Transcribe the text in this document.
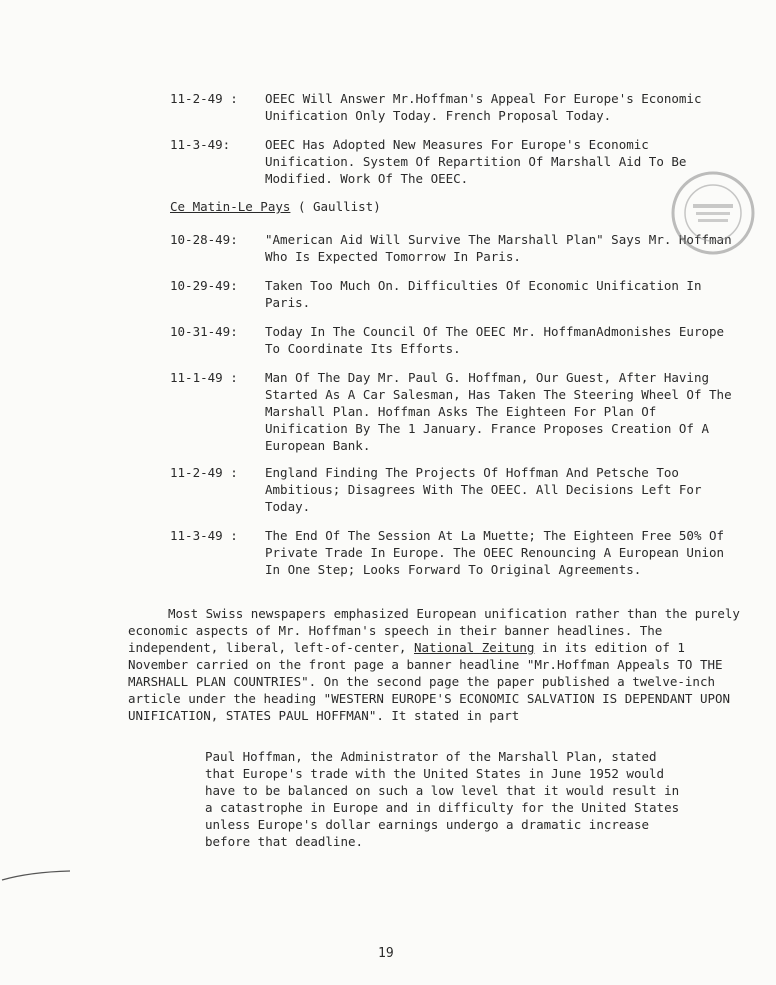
11-2-49 :	OEEC Will Answer Mr.Hoffman's Appeal For Europe's Economic Unification Only Today. French Proposal Today.
11-3-49:	OEEC Has Adopted New Measures For Europe's Economic Unification. System Of Repartition Of Marshall Aid To Be Modified. Work Of The OEEC.
Ce Matin-Le Pays ( Gaullist)
10-28-49:	"American Aid Will Survive The Marshall Plan" Says Mr. Hoffman Who Is Expected Tomorrow In Paris.
10-29-49:	Taken Too Much On. Difficulties Of Economic Unification In Paris.
10-31-49:	Today In The Council Of The OEEC Mr. HoffmanAdmonishes Europe To Coordinate Its Efforts.
11-1-49 :	Man Of The Day Mr. Paul G. Hoffman, Our Guest, After Having Started As A Car Salesman, Has Taken The Steering Wheel Of The Marshall Plan. Hoffman Asks The Eighteen For Plan Of Unification By The 1 January. France Proposes Creation Of A European Bank.
11-2-49 :	England Finding The Projects Of Hoffman And Petsche Too Ambitious; Disagrees With The OEEC. All Decisions Left For Today.
11-3-49 :	The End Of The Session At La Muette; The Eighteen Free 50% Of Private Trade In Europe. The OEEC Renouncing A European Union In One Step; Looks Forward To Original Agreements.
Most Swiss newspapers emphasized European unification rather than the purely economic aspects of Mr. Hoffman's speech in their banner headlines. The independent, liberal, left-of-center, National Zeitung in its edition of 1 November carried on the front page a banner headline "Mr.Hoffman Appeals TO THE MARSHALL PLAN COUNTRIES". On the second page the paper published a twelve-inch article under the heading "WESTERN EUROPE'S ECONOMIC SALVATION IS DEPENDANT UPON UNIFICATION, STATES PAUL HOFFMAN". It stated in part
Paul Hoffman, the Administrator of the Marshall Plan, stated that Europe's trade with the United States in June 1952 would have to be balanced on such a low level that it would result in a catastrophe in Europe and in difficulty for the United States unless Europe's dollar earnings undergo a dramatic increase before that deadline.
19
